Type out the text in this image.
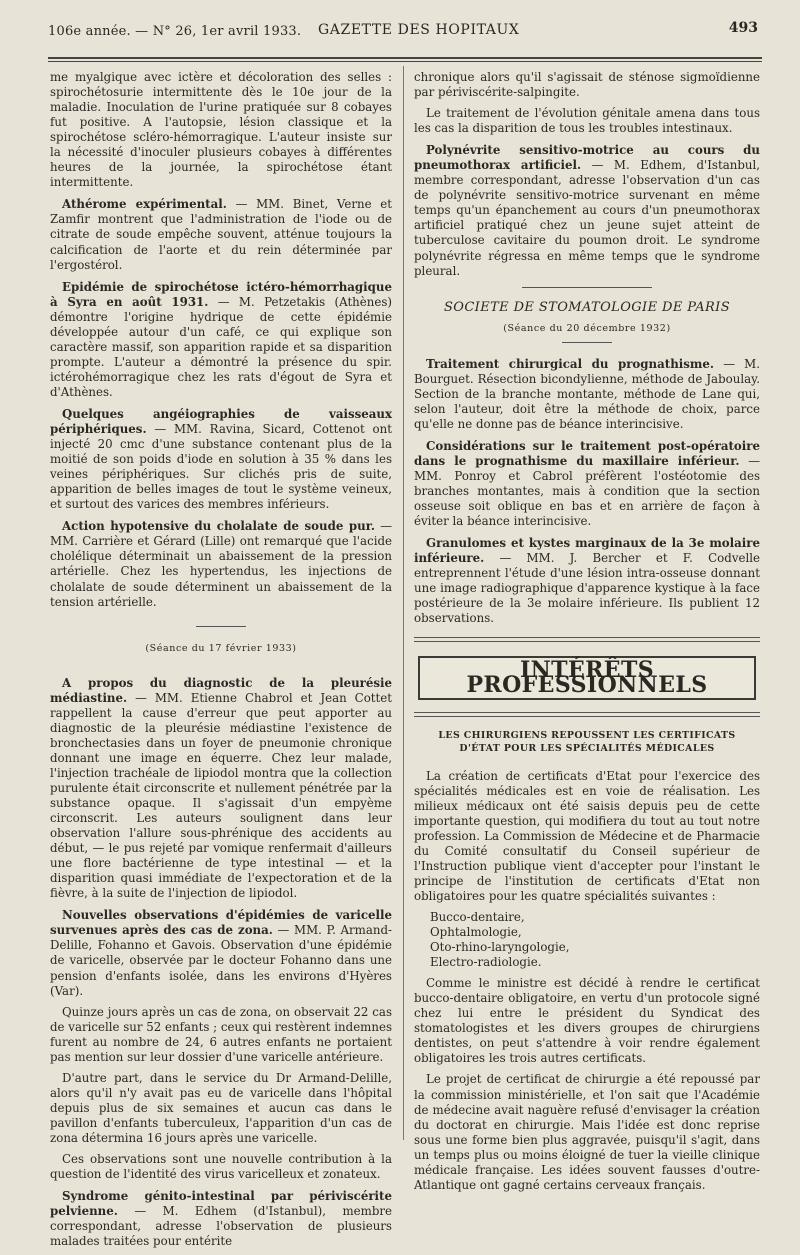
106e année. — N° 26, 1er avril 1933. GAZETTE DES HOPITAUX	493

me myalgique avec ictère et décoloration des selles : spirochétosurie intermittente dès le 10e jour de la maladie. Inoculation de l'urine pratiquée sur 8 cobayes fut positive. A l'autopsie, lésion classique et la spirochétose scléro-hémorragique. L'auteur insiste sur la nécessité d'inoculer plusieurs cobayes à différentes heures de la journée, la spirochétose étant intermittente.

Athérome expérimental. — MM. Binet, Verne et Zamfir montrent que l'administration de l'iode ou de citrate de soude empêche souvent, atténue toujours la calcification de l'aorte et du rein déterminée par l'ergostérol.

Epidémie de spirochétose ictéro-hémorrhagique à Syra en août 1931. — M. Petzetakis (Athènes) démontre l'origine hydrique de cette épidémie développée autour d'un café, ce qui explique son caractère massif, son apparition rapide et sa disparition prompte. L'auteur a démontré la présence du spir. ictérohémorragique chez les rats d'égout de Syra et d'Athènes.

Quelques angéiographies de vaisseaux périphériques. — MM. Ravina, Sicard, Cottenot ont injecté 20 cmc d'une substance contenant plus de la moitié de son poids d'iode en solution à 35 % dans les veines périphériques. Sur clichés pris de suite, apparition de belles images de tout le système veineux, et surtout des varices des membres inférieurs.

Action hypotensive du cholalate de soude pur. — MM. Carrière et Gérard (Lille) ont remarqué que l'acide cholélique déterminait un abaissement de la pression artérielle. Chez les hypertendus, les injections de cholalate de soude déterminent un abaissement de la tension artérielle.

(Séance du 17 février 1933)

A propos du diagnostic de la pleurésie médiastine. — MM. Etienne Chabrol et Jean Cottet rappellent la cause d'erreur que peut apporter au diagnostic de la pleurésie médiastine l'existence de bronchectasies dans un foyer de pneumonie chronique donnant une image en équerre. Chez leur malade, l'injection trachéale de lipiodol montra que la collection purulente était circonscrite et nullement pénétrée par la substance opaque. Il s'agissait d'un empyème circonscrit. Les auteurs soulignent dans leur observation l'allure sous-phrénique des accidents au début, — le pus rejeté par vomique renfermait d'ailleurs une flore bactérienne de type intestinal — et la disparition quasi immédiate de l'expectoration et de la fièvre, à la suite de l'injection de lipiodol.

Nouvelles observations d'épidémies de varicelle survenues après des cas de zona. — MM. P. Armand-Delille, Fohanno et Gavois. Observation d'une épidémie de varicelle, observée par le docteur Fohanno dans une pension d'enfants isolée, dans les environs d'Hyères (Var).

Quinze jours après un cas de zona, on observait 22 cas de varicelle sur 52 enfants ; ceux qui restèrent indemnes furent au nombre de 24, 6 autres enfants ne portaient pas mention sur leur dossier d'une varicelle antérieure.

D'autre part, dans le service du Dr Armand-Delille, alors qu'il n'y avait pas eu de varicelle dans l'hôpital depuis plus de six semaines et aucun cas dans le pavillon d'enfants tuberculeux, l'apparition d'un cas de zona détermina 16 jours après une varicelle.

Ces observations sont une nouvelle contribution à la question de l'identité des virus varicelleux et zonateux.

Syndrome génito-intestinal par périviscérite pelvienne. — M. Edhem (d'Istanbul), membre correspondant, adresse l'observation de plusieurs malades traitées pour entérite

chronique alors qu'il s'agissait de sténose sigmoïdienne par périviscérite-salpingite.

Le traitement de l'évolution génitale amena dans tous les cas la disparition de tous les troubles intestinaux.

Polynévrite sensitivo-motrice au cours du pneumothorax artificiel. — M. Edhem, d'Istanbul, membre correspondant, adresse l'observation d'un cas de polynévrite sensitivo-motrice survenant en même temps qu'un épanchement au cours d'un pneumothorax artificiel pratiqué chez un jeune sujet atteint de tuberculose cavitaire du poumon droit. Le syndrome polynévrite régressa en même temps que le syndrome pleural.

SOCIETE DE STOMATOLOGIE DE PARIS
(Séance du 20 décembre 1932)

Traitement chirurgical du prognathisme. — M. Bourguet. Résection bicondylienne, méthode de Jaboulay. Section de la branche montante, méthode de Lane qui, selon l'auteur, doit être la méthode de choix, parce qu'elle ne donne pas de béance interincisive.

Considérations sur le traitement post-opératoire dans le prognathisme du maxillaire inférieur. — MM. Ponroy et Cabrol préfèrent l'ostéotomie des branches montantes, mais à condition que la section osseuse soit oblique en bas et en arrière de façon à éviter la béance interincisive.

Granulomes et kystes marginaux de la 3e molaire inférieure. — MM. J. Bercher et F. Codvelle entreprennent l'étude d'une lésion intra-osseuse donnant une image radiographique d'apparence kystique à la face postérieure de la 3e molaire inférieure. Ils publient 12 observations.

INTÉRÊTS PROFESSIONNELS
LES CHIRURGIENS REPOUSSENT LES CERTIFICATS D'ÉTAT POUR LES SPÉCIALITÉS MÉDICALES

La création de certificats d'Etat pour l'exercice des spécialités médicales est en voie de réalisation. Les milieux médicaux ont été saisis depuis peu de cette importante question, qui modifiera du tout au tout notre profession. La Commission de Médecine et de Pharmacie du Comité consultatif du Conseil supérieur de l'Instruction publique vient d'accepter pour l'instant le principe de l'institution de certificats d'Etat non obligatoires pour les quatre spécialités suivantes :

Bucco-dentaire,
Ophtalmologie,
Oto-rhino-laryngologie,
Electro-radiologie.

Comme le ministre est décidé à rendre le certificat bucco-dentaire obligatoire, en vertu d'un protocole signé chez lui entre le président du Syndicat des stomatologistes et les divers groupes de chirurgiens dentistes, on peut s'attendre à voir rendre également obligatoires les trois autres certificats.

Le projet de certificat de chirurgie a été repoussé par la commission ministérielle, et l'on sait que l'Académie de médecine avait naguère refusé d'envisager la création du doctorat en chirurgie. Mais l'idée est donc reprise sous une forme bien plus aggravée, puisqu'il s'agit, dans un temps plus ou moins éloigné de tuer la vieille clinique médicale française. Les idées souvent fausses d'outre-Atlantique ont gagné certains cerveaux français.
